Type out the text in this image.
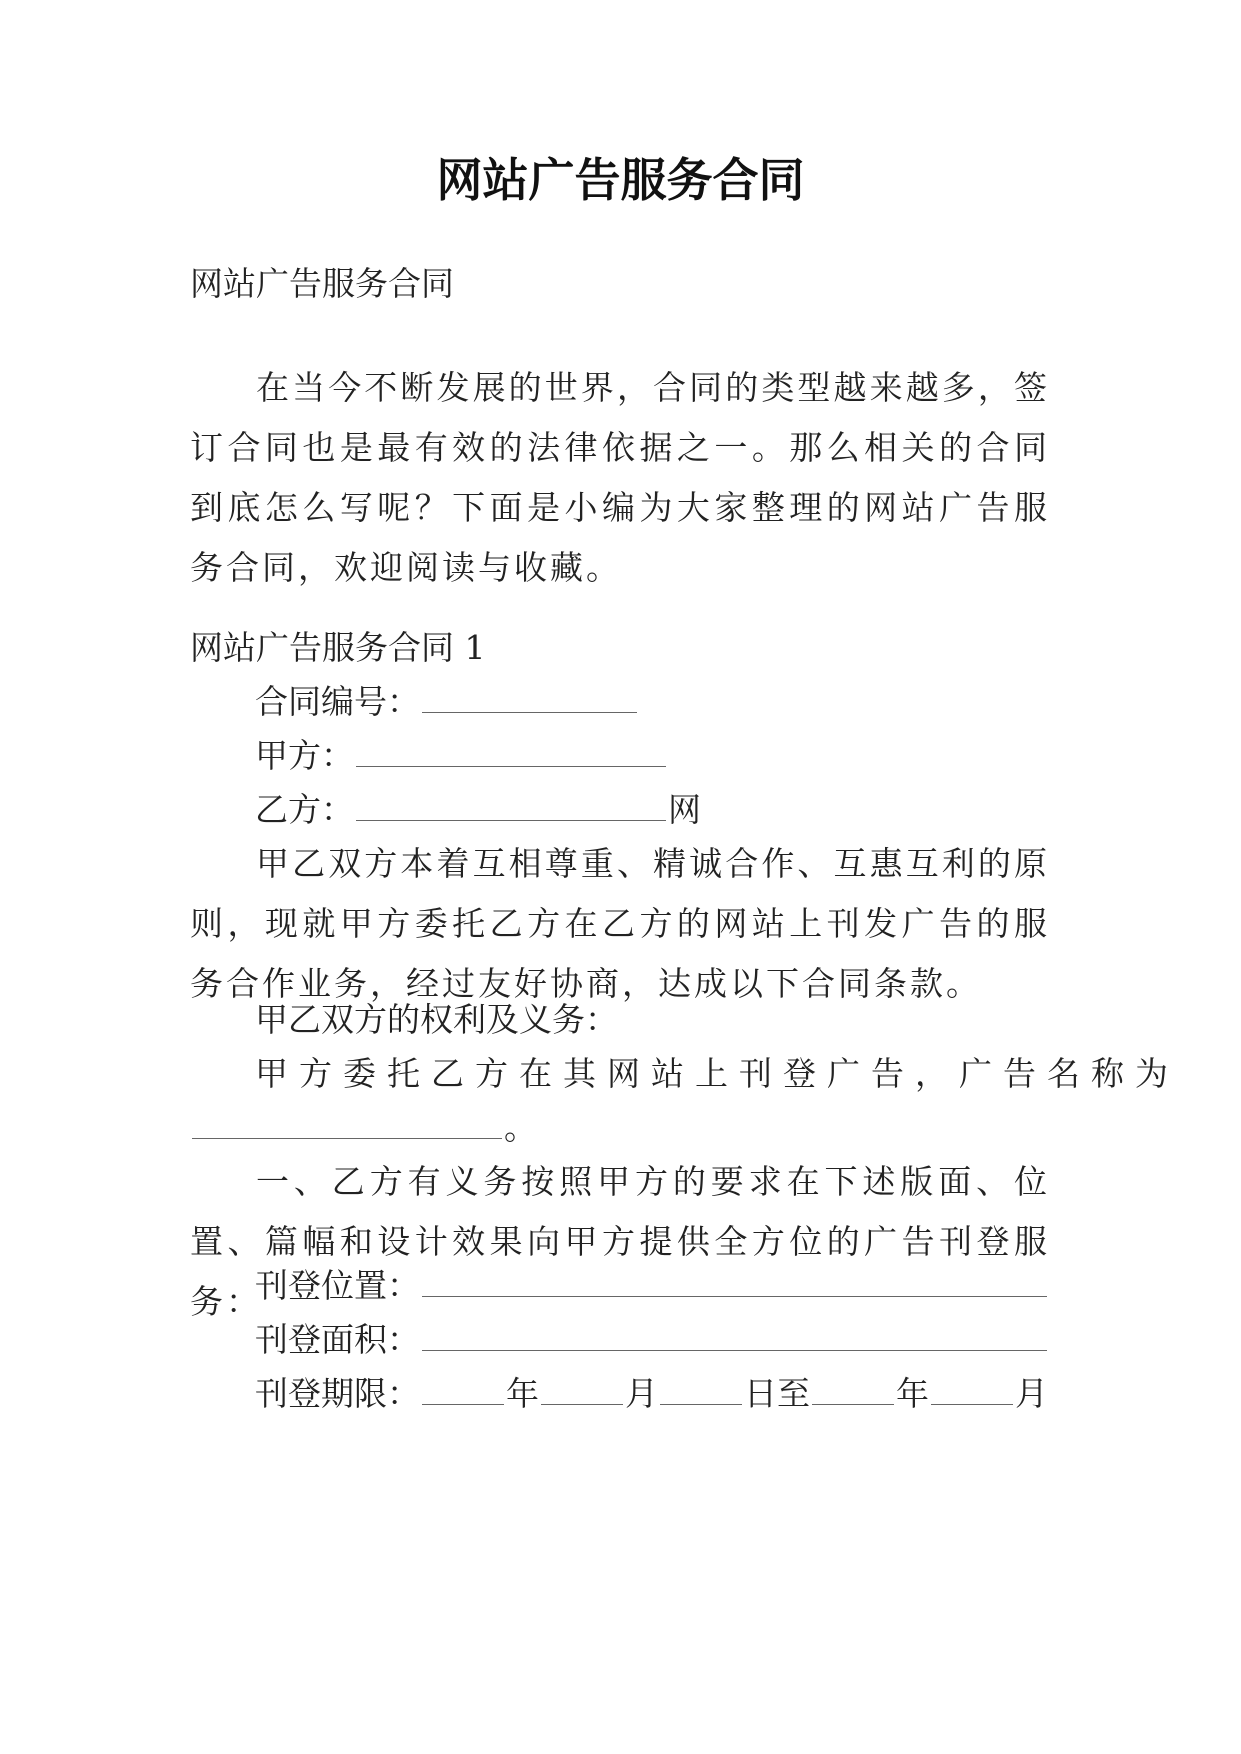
网站广告服务合同
网站广告服务合同
在当今不断发展的世界，合同的类型越来越多，签订合同也是最有效的法律依据之一。那么相关的合同到底怎么写呢？下面是小编为大家整理的网站广告服务合同，欢迎阅读与收藏。
网站广告服务合同 1
合同编号：
甲方：
乙方：	网
甲乙双方本着互相尊重、精诚合作、互惠互利的原则，现就甲方委托乙方在乙方的网站上刊发广告的服务合作业务，经过友好协商，达成以下合同条款。
甲乙双方的权利及义务：
甲方委托乙方在其网站上刊登广告，广告名称为
。
一、乙方有义务按照甲方的要求在下述版面、位置、篇幅和设计效果向甲方提供全方位的广告刊登服务：
刊登位置：
刊登面积：
刊登期限：	年	月	日至	年	月
